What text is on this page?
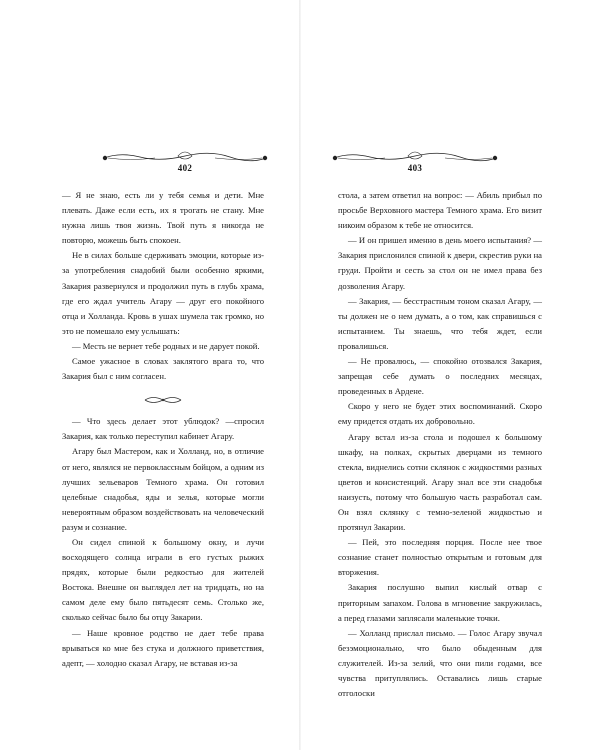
402

— Я не знаю, есть ли у тебя семья и дети. Мне плевать. Даже если есть, их я трогать не стану. Мне нужна лишь твоя жизнь. Твой путь я никогда не повторю, можешь быть спокоен.

Не в силах больше сдерживать эмоции, которые из-за употребления снадобий были особенно яркими, Закария развернулся и продолжил путь в глубь храма, где его ждал учитель Агару — друг его покойного отца и Холланда. Кровь в ушах шумела так громко, но это не помешало ему услышать:

— Месть не вернет тебе родных и не дарует покой.

Самое ужасное в словах заклятого врага то, что Закария был с ним согласен.

— Что здесь делает этот ублюдок? —спросил Закария, как только переступил кабинет Агару.

Агару был Мастером, как и Холланд, но, в отличие от него, являлся не первоклассным бойцом, а одним из лучших зельеваров Темного храма. Он готовил целебные снадобья, яды и зелья, которые могли невероятным образом воздействовать на человеческий разум и сознание.

Он сидел спиной к большому окну, и лучи восходящего солнца играли в его густых рыжих прядях, которые были редкостью для жителей Востока. Внешне он выглядел лет на тридцать, но на самом деле ему было пятьдесят семь. Столько же, сколько сейчас было бы отцу Закарии.

— Наше кровное родство не дает тебе права врываться ко мне без стука и должного приветствия, адепт, — холодно сказал Агару, не вставая из-за

403

стола, а затем ответил на вопрос: — Абиль прибыл по просьбе Верховного мастера Темного храма. Его визит никоим образом к тебе не относится.

— И он пришел именно в день моего испытания? — Закария прислонился спиной к двери, скрестив руки на груди. Пройти и сесть за стол он не имел права без дозволения Агару.

— Закария, — бесстрастным тоном сказал Агару, — ты должен не о нем думать, а о том, как справишься с испытанием. Ты знаешь, что тебя ждет, если провалишься.

— Не провалюсь, — спокойно отозвался Закария, запрещая себе думать о последних месяцах, проведенных в Ардене.

Скоро у него не будет этих воспоминаний. Скоро ему придется отдать их добровольно.

Агару встал из-за стола и подошел к большому шкафу, на полках, скрытых дверцами из темного стекла, виднелись сотни склянок с жидкостями разных цветов и консистенций. Агару знал все эти снадобья наизусть, потому что большую часть разработал сам. Он взял склянку с темно-зеленой жидкостью и протянул Закарии.

— Пей, это последняя порция. После нее твое сознание станет полностью открытым и готовым для вторжения.

Закария послушно выпил кислый отвар с приторным запахом. Голова в мгновение закружилась, а перед глазами заплясали маленькие точки.

— Холланд прислал письмо. — Голос Агару звучал безэмоционально, что было обыденным для служителей. Из-за зелий, что они пили годами, все чувства притуплялись. Оставались лишь старые отголоски
